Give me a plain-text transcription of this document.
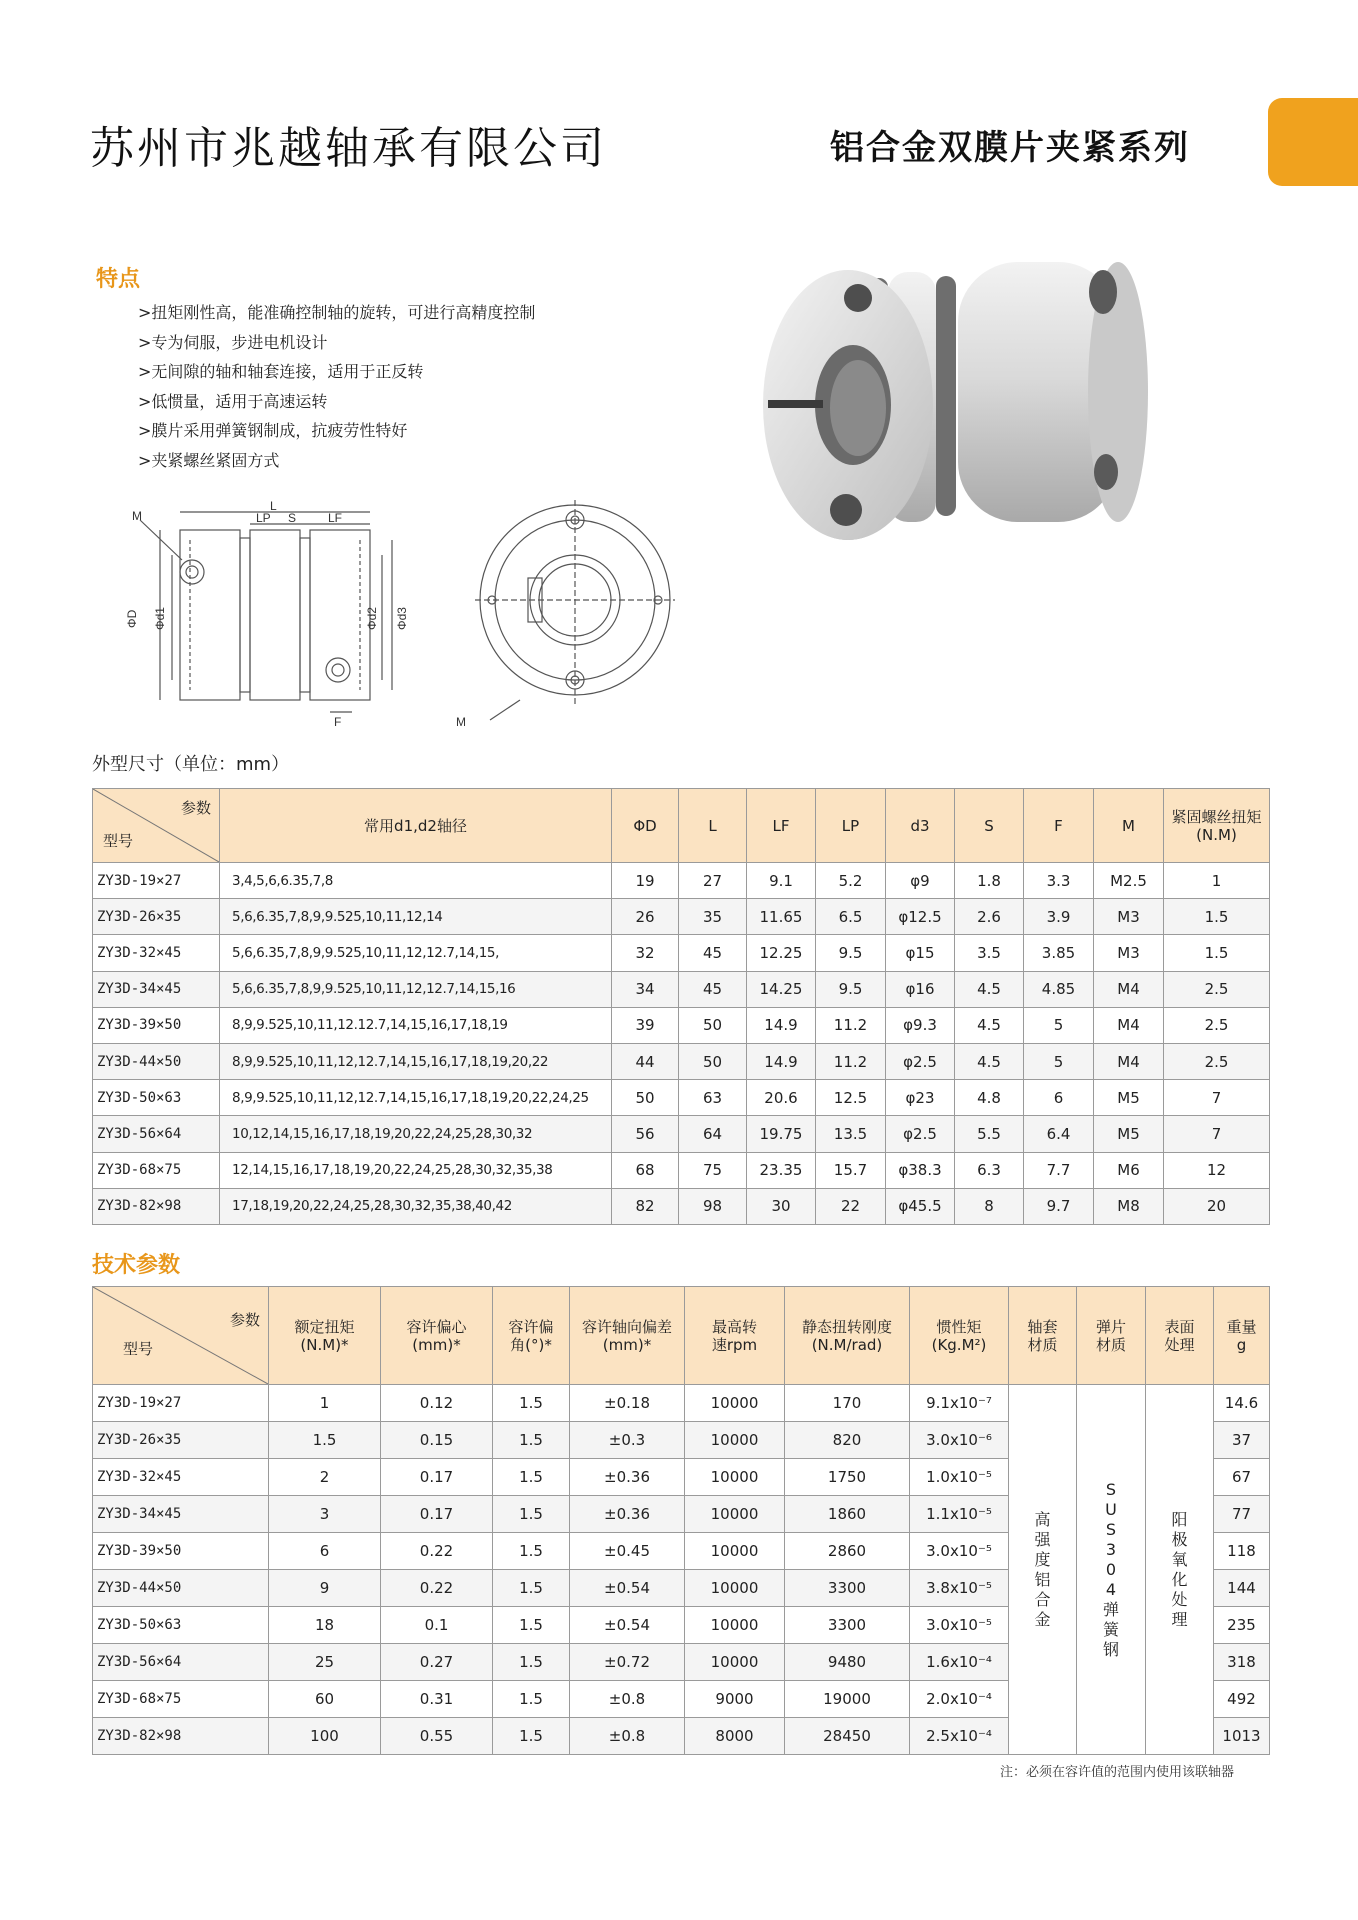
苏州市兆越轴承有限公司	铝合金双膜片夹紧系列
特点
>扭矩刚性高，能准确控制轴的旋转，可进行高精度控制
>专为伺服，步进电机设计
>无间隙的轴和轴套连接，适用于正反转
>低惯量，适用于高速运转
>膜片采用弹簧钢制成，抗疲劳性特好
>夹紧螺丝紧固方式
M
L
LP S	LF
ΦD Φd1	Φd2 Φd3
F	M
外型尺寸（单位：mm）
参数
型号	常用d1,d2轴径	ΦD	L	LF	LP	d3	S	F	M	紧固螺丝扭矩(N.M)
ZY3D-19×27	3,4,5,6,6.35,7,8	19	27	9.1	5.2	φ9	1.8	3.3	M2.5	1
ZY3D-26×35	5,6,6.35,7,8,9,9.525,10,11,12,14	26	35	11.65	6.5	φ12.5	2.6	3.9	M3	1.5
ZY3D-32×45	5,6,6.35,7,8,9,9.525,10,11,12,12.7,14,15,	32	45	12.25	9.5	φ15	3.5	3.85	M3	1.5
ZY3D-34×45	5,6,6.35,7,8,9,9.525,10,11,12,12.7,14,15,16	34	45	14.25	9.5	φ16	4.5	4.85	M4	2.5
ZY3D-39×50	8,9,9.525,10,11,12.12.7,14,15,16,17,18,19	39	50	14.9	11.2	φ9.3	4.5	5	M4	2.5
ZY3D-44×50	8,9,9.525,10,11,12,12.7,14,15,16,17,18,19,20,22	44	50	14.9	11.2	φ2.5	4.5	5	M4	2.5
ZY3D-50×63	8,9,9.525,10,11,12,12.7,14,15,16,17,18,19,20,22,24,25	50	63	20.6	12.5	φ23	4.8	6	M5	7
ZY3D-56×64	10,12,14,15,16,17,18,19,20,22,24,25,28,30,32	56	64	19.75	13.5	φ2.5	5.5	6.4	M5	7
ZY3D-68×75	12,14,15,16,17,18,19,20,22,24,25,28,30,32,35,38	68	75	23.35	15.7	φ38.3	6.3	7.7	M6	12
ZY3D-82×98	17,18,19,20,22,24,25,28,30,32,35,38,40,42	82	98	30	22	φ45.5	8	9.7	M8	20
技术参数
参数
型号	额定扭矩(N.M)*	容许偏心(mm)*	容许偏角(°)*	容许轴向偏差(mm)*	最高转速rpm	静态扭转刚度(N.M/rad)	惯性矩(Kg.M²)	轴套材质	弹片材质	表面处理	重量g
ZY3D-19×27	1	0.12	1.5	±0.18	10000	170	9.1x10⁻⁷	高强度铝合金	SUS304弹簧钢	阳极氧化处理	14.6
ZY3D-26×35	1.5	0.15	1.5	±0.3	10000	820	3.0x10⁻⁶				37
ZY3D-32×45	2	0.17	1.5	±0.36	10000	1750	1.0x10⁻⁵				67
ZY3D-34×45	3	0.17	1.5	±0.36	10000	1860	1.1x10⁻⁵				77
ZY3D-39×50	6	0.22	1.5	±0.45	10000	2860	3.0x10⁻⁵				118
ZY3D-44×50	9	0.22	1.5	±0.54	10000	3300	3.8x10⁻⁵				144
ZY3D-50×63	18	0.1	1.5	±0.54	10000	3300	3.0x10⁻⁵				235
ZY3D-56×64	25	0.27	1.5	±0.72	10000	9480	1.6x10⁻⁴				318
ZY3D-68×75	60	0.31	1.5	±0.8	9000	19000	2.0x10⁻⁴				492
ZY3D-82×98	100	0.55	1.5	±0.8	8000	28450	2.5x10⁻⁴				1013
注：必须在容许值的范围内使用该联轴器
